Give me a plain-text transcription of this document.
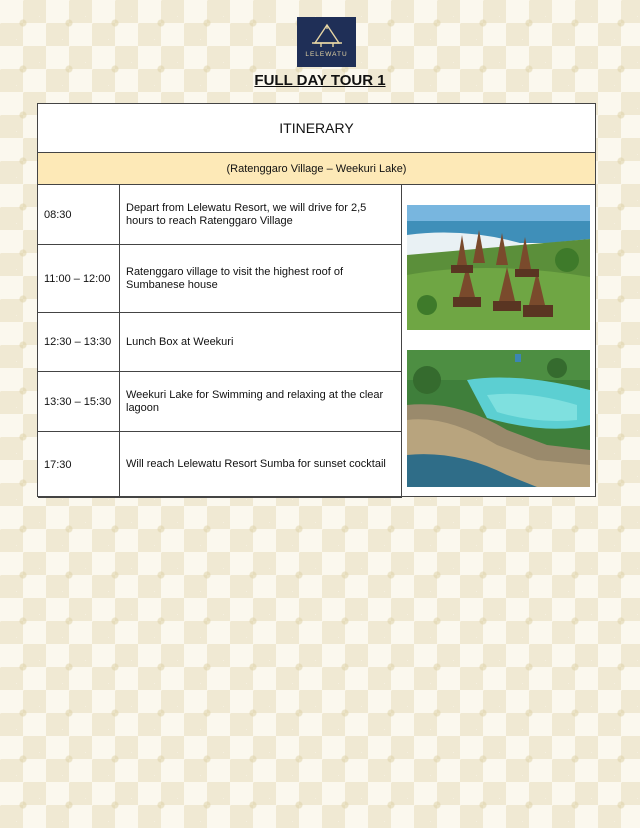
LELEWATU
FULL DAY TOUR 1
ITINERARY
(Ratenggaro Village – Weekuri Lake)
08:30
Depart from Lelewatu Resort, we will drive for 2,5 hours to reach Ratenggaro Village
11:00 – 12:00
Ratenggaro village to visit the highest roof of Sumbanese house
12:30 – 13:30	Lunch Box at Weekuri
13:30 – 15:30
Weekuri Lake for Swimming and relaxing at the clear lagoon
17:30	Will reach Lelewatu Resort Sumba for sunset cocktail
